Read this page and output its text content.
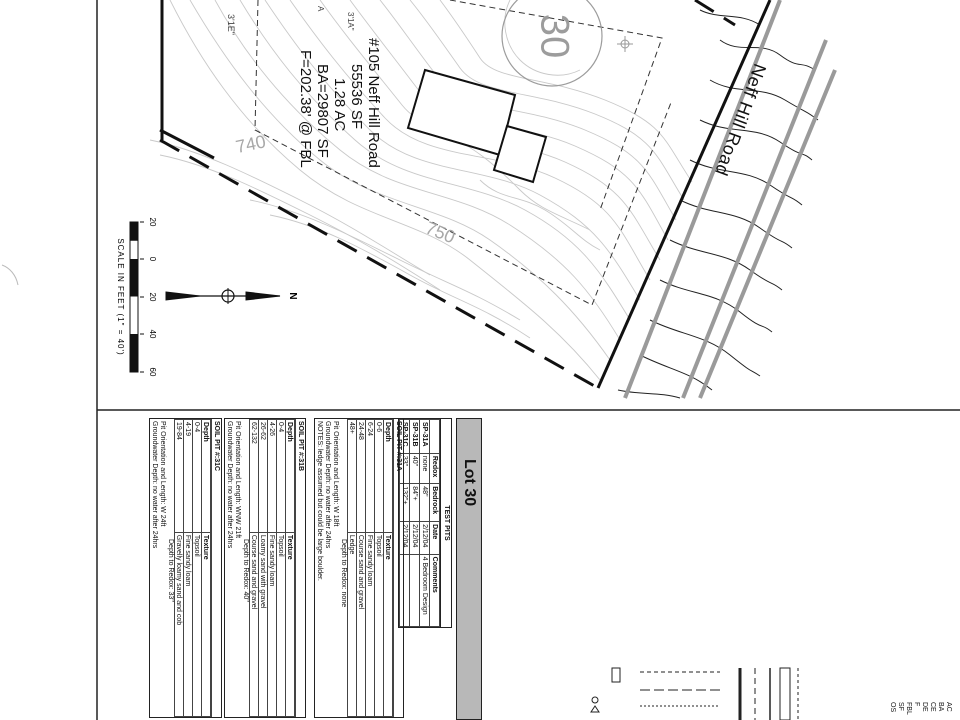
30
740
750
3'1A"
3'1E"
A
20
0
20
40
60
SCALE IN FEET (1" = 40')	N
#105 Neff Hill Road
55536 SF
1.28 AC
BA=29807 SF
F=202.38' @ FBL	Neff Hill Road
Lot 30
TEST PITS
	Redox	Bedrock	Date	Comments
SP-31A	none	48"	2/12/04	4 Bedroom Design
SP-31B	40"	84"+	2/12/04	
SP-31C	33"	132"+	2/12/04	
SOIL PIT #:31A
Depth	Texture
0-6	Topsoil
6-24	Fine sandy loam
24-48	Course sand and gravel
48+	Ledge
Depth to Redox: none
Pit Orientation and Length: W 18ft
Groundwater Depth: no water after 24hrs
NOTES: ledge assumed but could be large boulder.
SOIL PIT #:31B
Depth	Texture
0-4	Topsoil
4-26	Fine sandy loam
26-62	Loamy sand with gravel
62-132	Course sand and gravel
Depth to Redox: 40"
Pit Orientation and Length: WNW 21ft
Groundwater Depth: no water after 24hrs
SOIL PIT #:31C
Depth	Texture
0-4	Topsoil
4-19	Fine sandy loam
19-84	Gravelly loamy sand and cob
Depth to Redox: 33"
Pit Orientation and Length: W 24ft
Groundwater Depth: no water after 24hrs
AC
BA
CE
DE
F
FBL
SF
OS
